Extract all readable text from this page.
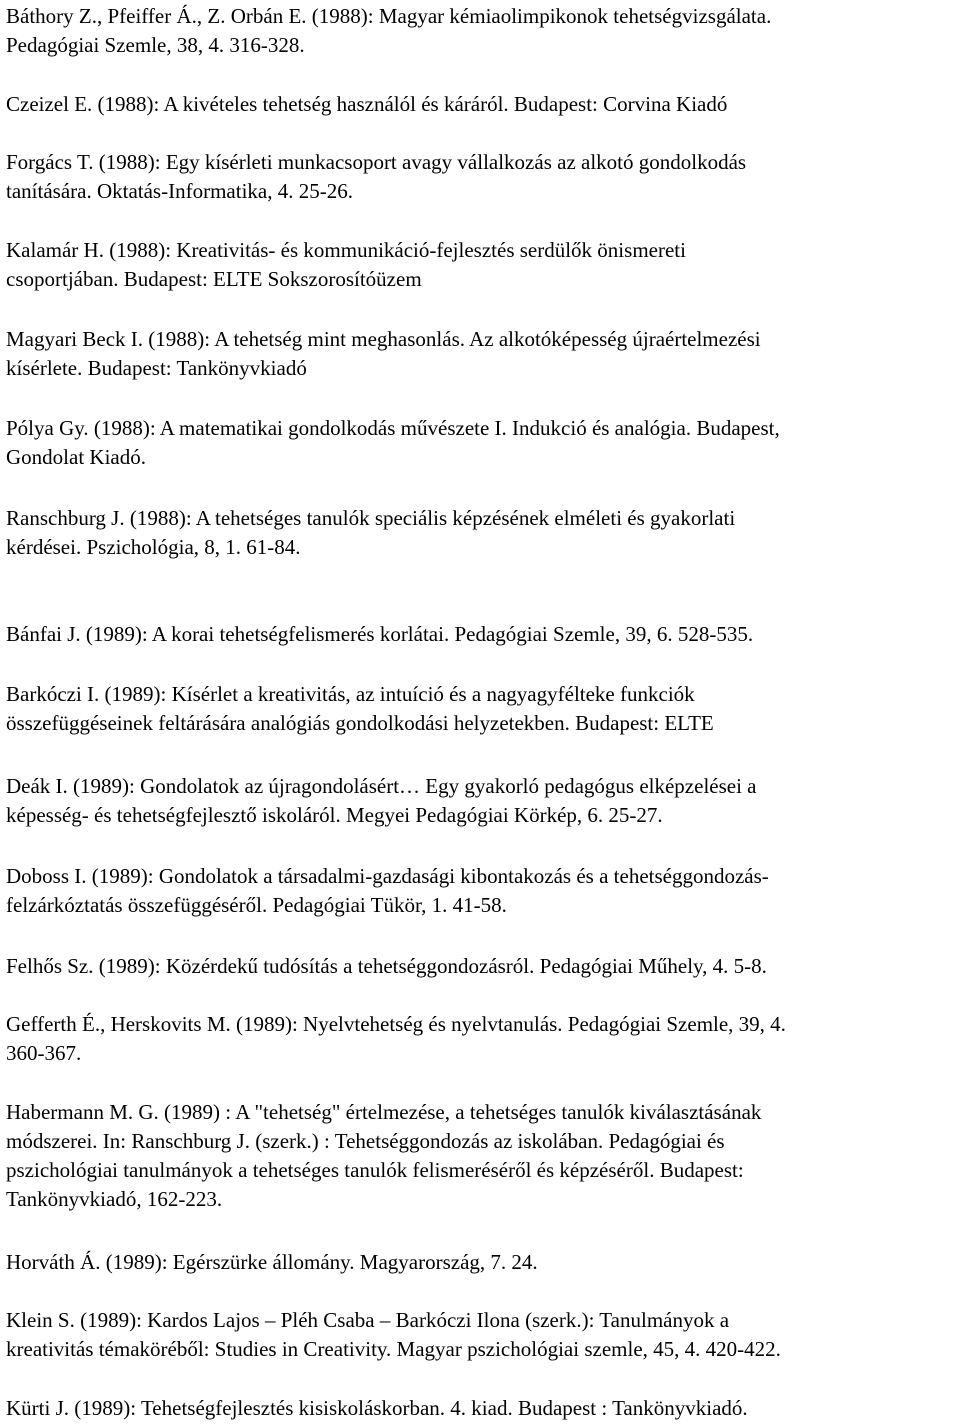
Báthory Z., Pfeiffer Á., Z. Orbán E. (1988): Magyar kémiaolimpikonok tehetségvizsgálata.
Pedagógiai Szemle, 38, 4. 316-328.
Czeizel E. (1988): A kivételes tehetség használól és káráról. Budapest: Corvina Kiadó
Forgács T. (1988): Egy kísérleti munkacsoport avagy vállalkozás az alkotó gondolkodás
tanítására. Oktatás-Informatika, 4. 25-26.
Kalamár H. (1988): Kreativitás- és kommunikáció-fejlesztés serdülők önismereti
csoportjában. Budapest: ELTE Sokszorosítóüzem
Magyari Beck I. (1988): A tehetség mint meghasonlás. Az alkotóképesség újraértelmezési
kísérlete. Budapest: Tankönyvkiadó
Pólya Gy. (1988): A matematikai gondolkodás művészete I. Indukció és analógia. Budapest,
Gondolat Kiadó.
Ranschburg J. (1988): A tehetséges tanulók speciális képzésének elméleti és gyakorlati
kérdései. Pszichológia, 8, 1. 61-84.
Bánfai J. (1989): A korai tehetségfelismerés korlátai. Pedagógiai Szemle, 39, 6. 528-535.
Barkóczi I. (1989): Kísérlet a kreativitás, az intuíció és a nagyagyfélteke funkciók
összefüggéseinek feltárására analógiás gondolkodási helyzetekben. Budapest: ELTE
Deák I. (1989): Gondolatok az újragondolásért… Egy gyakorló pedagógus elképzelései a
képesség- és tehetségfejlesztő iskoláról. Megyei Pedagógiai Körkép, 6. 25-27.
Doboss I. (1989): Gondolatok a társadalmi-gazdasági kibontakozás és a tehetséggondozás-
felzárkóztatás összefüggéséről. Pedagógiai Tükör, 1. 41-58.
Felhős Sz. (1989): Közérdekű tudósítás a tehetséggondozásról. Pedagógiai Műhely, 4. 5-8.
Gefferth É., Herskovits M. (1989): Nyelvtehetség és nyelvtanulás. Pedagógiai Szemle, 39, 4.
360-367.
Habermann M. G. (1989) : A "tehetség" értelmezése, a tehetséges tanulók kiválasztásának
módszerei. In: Ranschburg J. (szerk.) : Tehetséggondozás az iskolában. Pedagógiai és
pszichológiai tanulmányok a tehetséges tanulók felismeréséről és képzéséről. Budapest:
Tankönyvkiadó, 162-223.
Horváth Á. (1989): Egérszürke állomány. Magyarország, 7. 24.
Klein S. (1989): Kardos Lajos – Pléh Csaba – Barkóczi Ilona (szerk.): Tanulmányok a
kreativitás témaköréből: Studies in Creativity. Magyar pszichológiai szemle, 45, 4. 420-422.
Kürti J. (1989): Tehetségfejlesztés kisiskoláskorban. 4. kiad. Budapest : Tankönyvkiadó.
